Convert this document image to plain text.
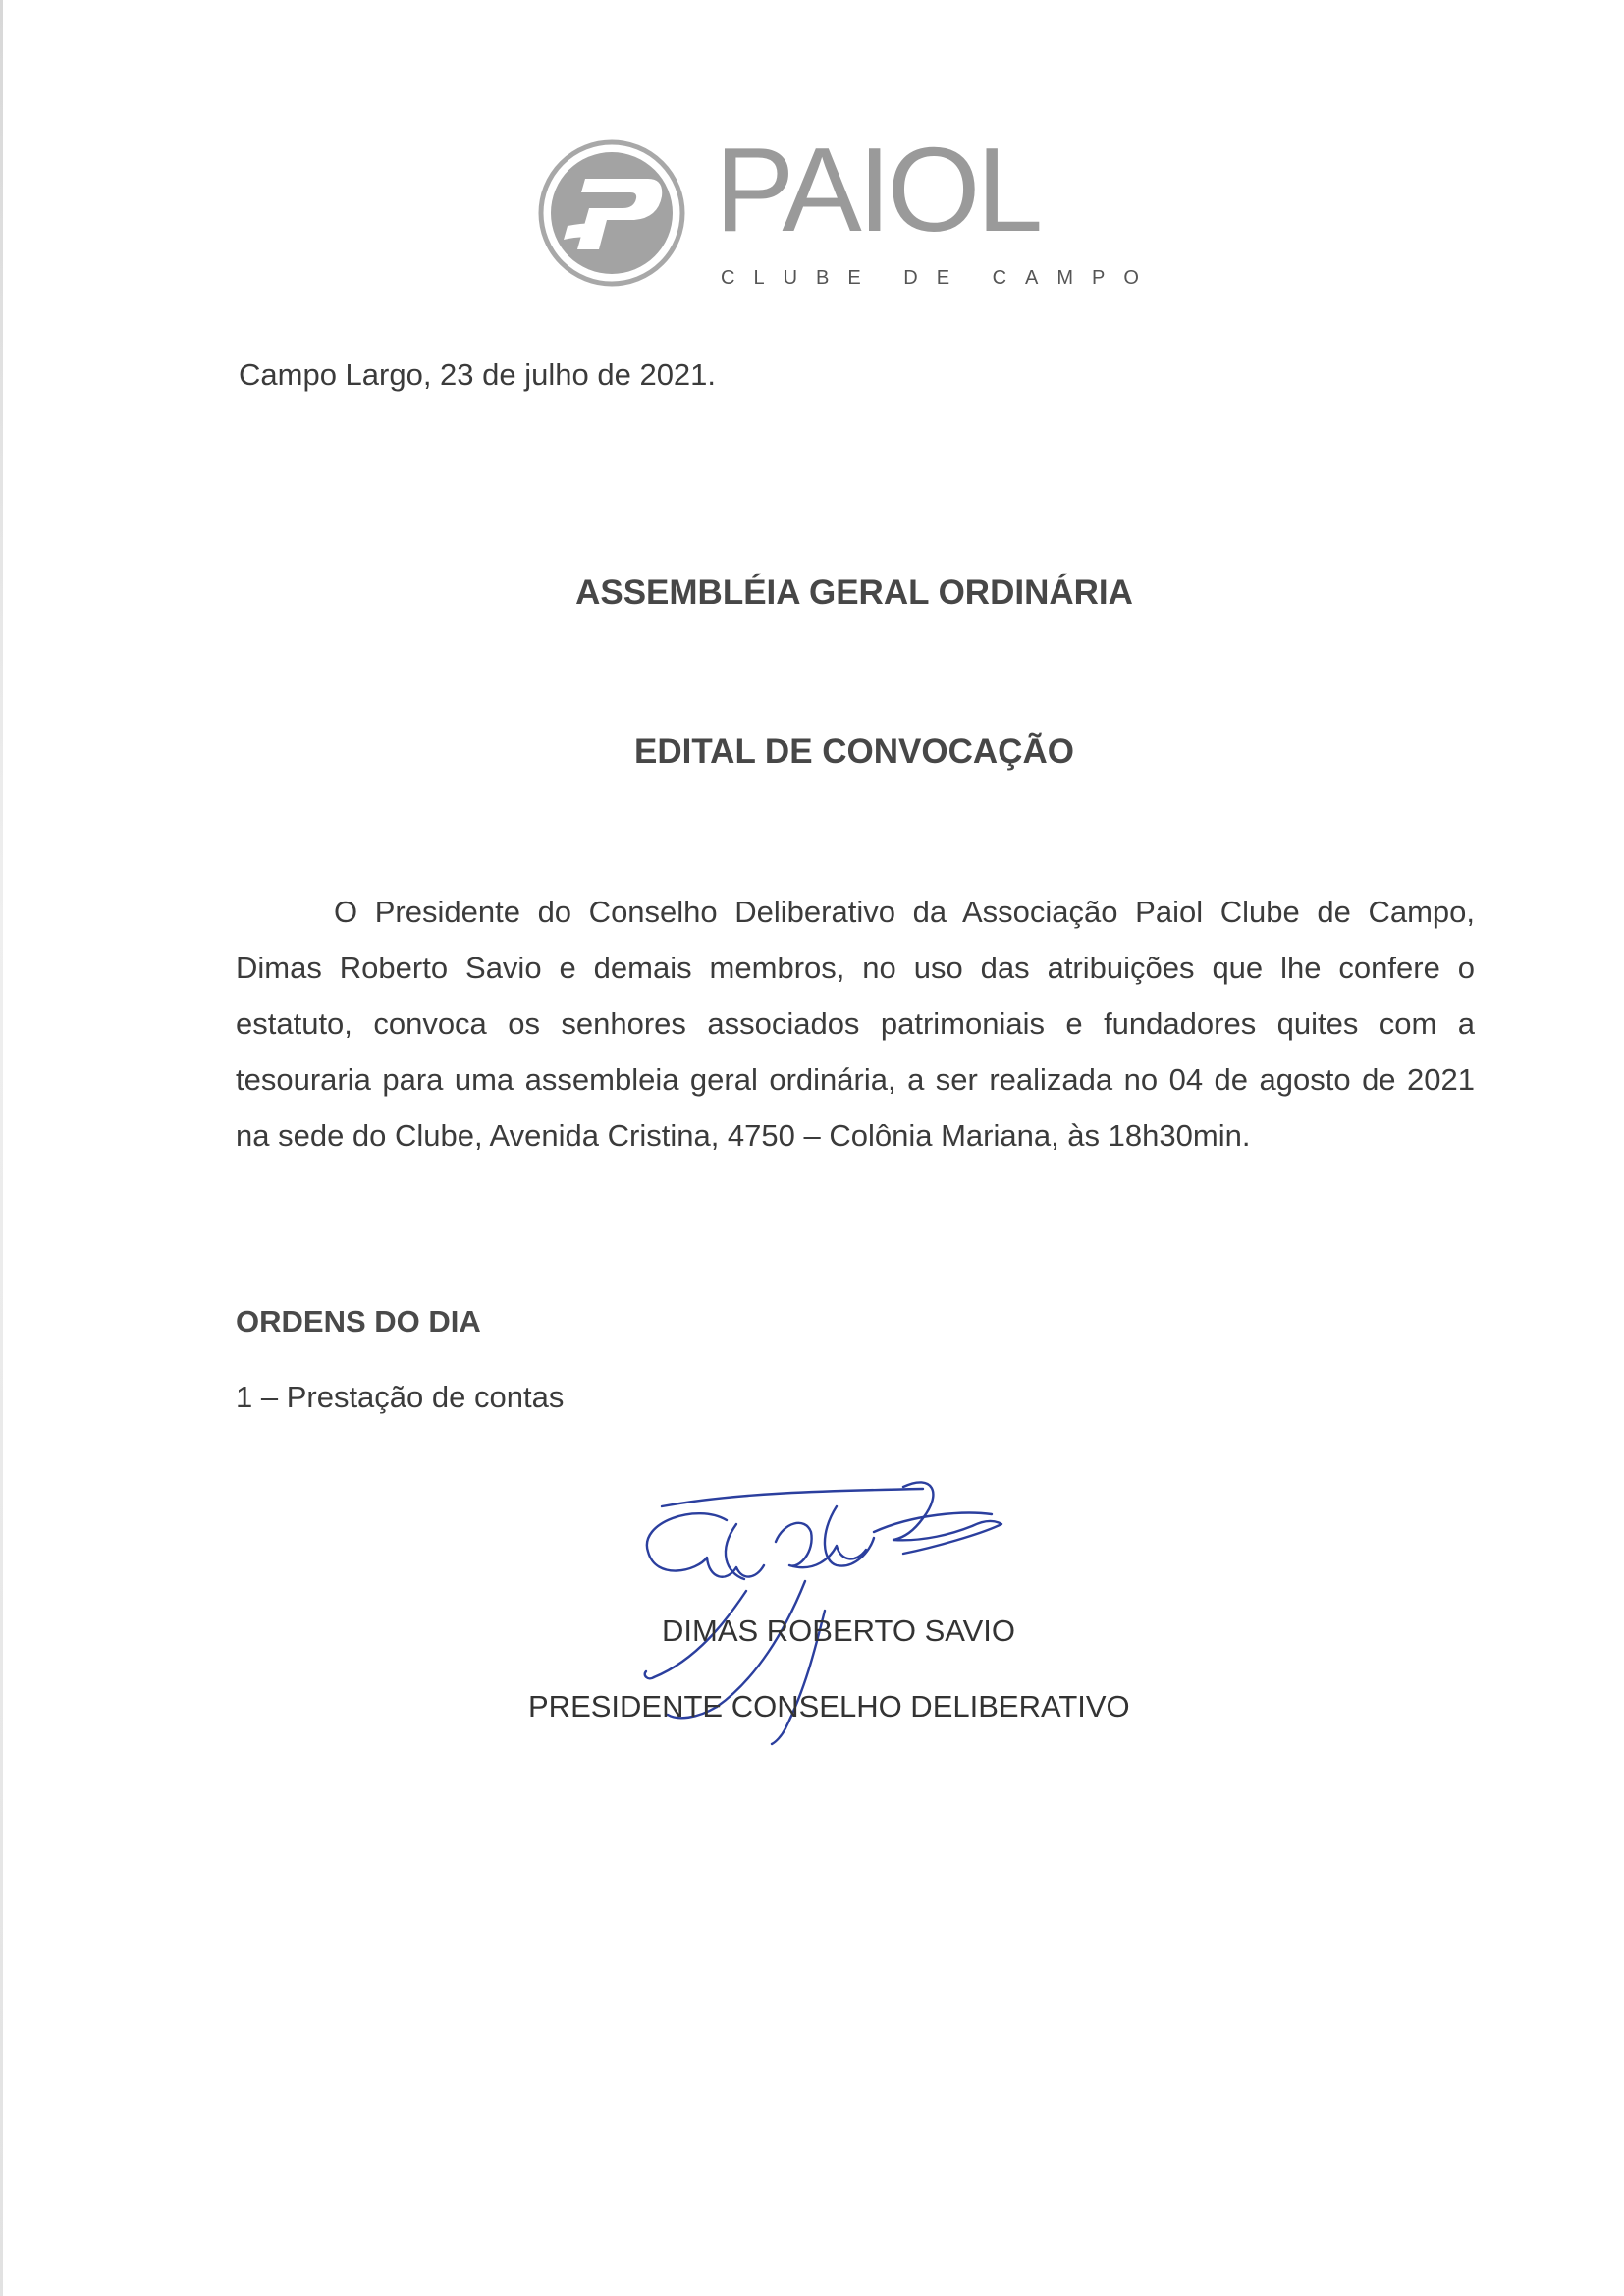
PAIOL
CLUBE DE CAMPO
Campo Largo, 23 de julho de 2021.
ASSEMBLÉIA GERAL ORDINÁRIA
EDITAL DE CONVOCAÇÃO

O Presidente do Conselho Deliberativo da Associação Paiol Clube de Campo, Dimas Roberto Savio e demais membros, no uso das atribuições que lhe confere o estatuto, convoca os senhores associados patrimoniais e fundadores quites com a tesouraria para uma assembleia geral ordinária, a ser realizada no 04 de agosto de 2021 na sede do Clube, Avenida Cristina, 4750 – Colônia Mariana, às 18h30min.

ORDENS DO DIA
1 – Prestação de contas
DIMAS ROBERTO SAVIO
PRESIDENTE CONSELHO DELIBERATIVO
